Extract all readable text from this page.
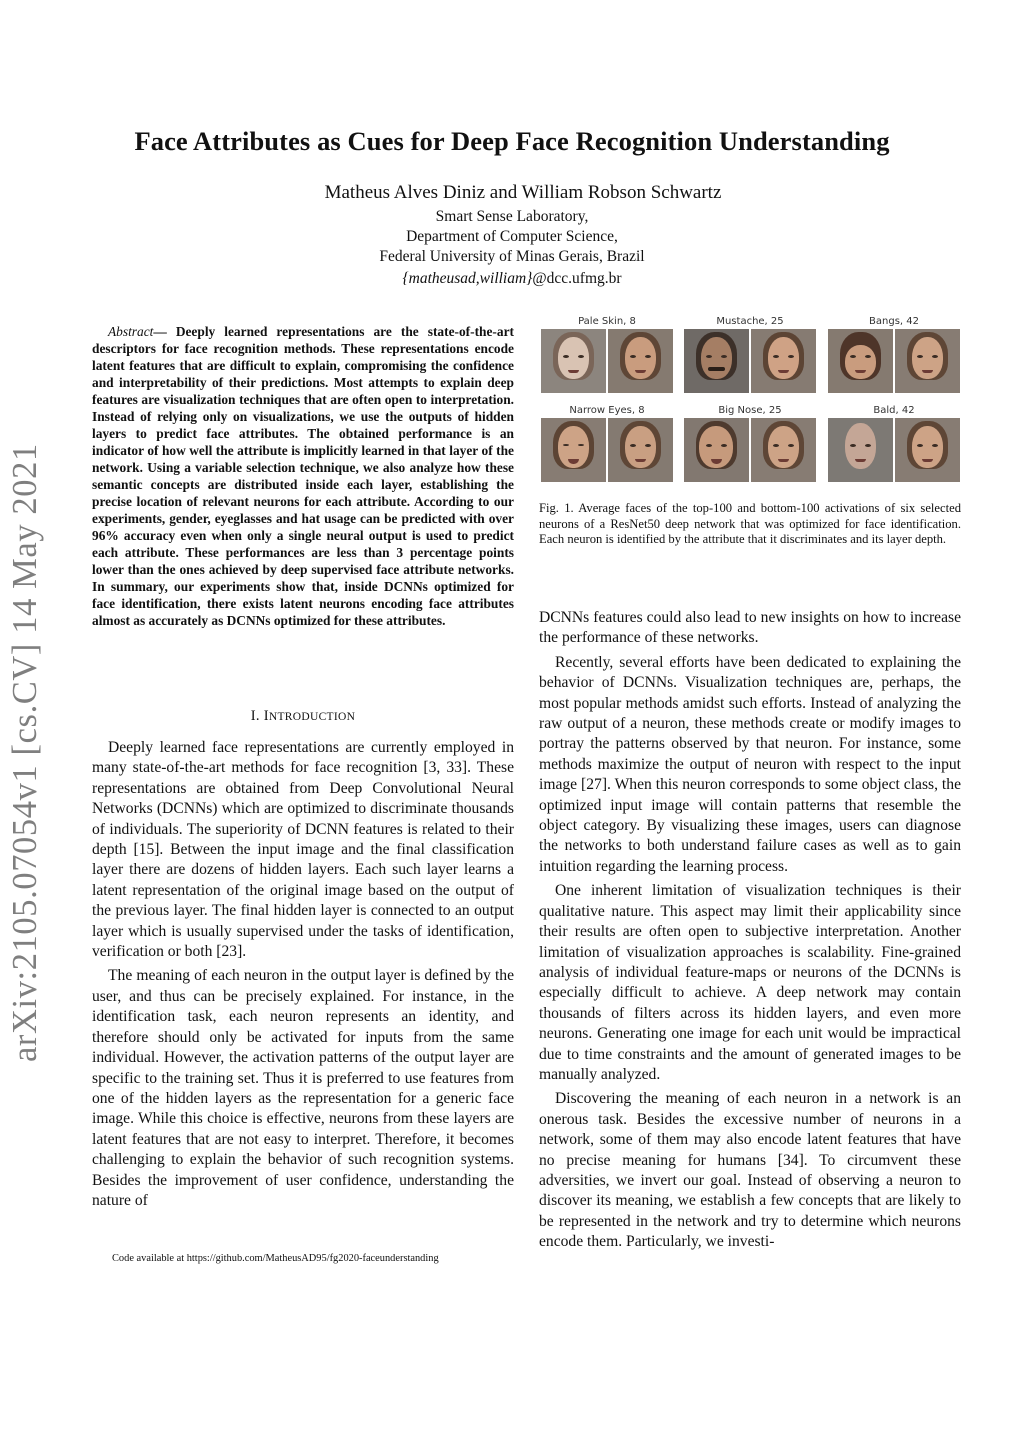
arXiv:2105.07054v1 [cs.CV] 14 May 2021
Face Attributes as Cues for Deep Face Recognition Understanding
Matheus Alves Diniz and William Robson Schwartz
Smart Sense Laboratory,
Department of Computer Science,
Federal University of Minas Gerais, Brazil
{matheusad,william}@dcc.ufmg.br

Abstract— Deeply learned representations are the state-of-the-art descriptors for face recognition methods. These representations encode latent features that are difficult to explain, compromising the confidence and interpretability of their predictions. Most attempts to explain deep features are visualization techniques that are often open to interpretation. Instead of relying only on visualizations, we use the outputs of hidden layers to predict face attributes. The obtained performance is an indicator of how well the attribute is implicitly learned in that layer of the network. Using a variable selection technique, we also analyze how these semantic concepts are distributed inside each layer, establishing the precise location of relevant neurons for each attribute. According to our experiments, gender, eyeglasses and hat usage can be predicted with over 96% accuracy even when only a single neural output is used to predict each attribute. These performances are less than 3 percentage points lower than the ones achieved by deep supervised face attribute networks. In summary, our experiments show that, inside DCNNs optimized for face identification, there exists latent neurons encoding face attributes almost as accurately as DCNNs optimized for these attributes.

I. INTRODUCTION

Deeply learned face representations are currently employed in many state-of-the-art methods for face recognition [3, 33]. These representations are obtained from Deep Convolutional Neural Networks (DCNNs) which are optimized to discriminate thousands of individuals. The superiority of DCNN features is related to their depth [15]. Between the input image and the final classification layer there are dozens of hidden layers. Each such layer learns a latent representation of the original image based on the output of the previous layer. The final hidden layer is connected to an output layer which is usually supervised under the tasks of identification, verification or both [23].

The meaning of each neuron in the output layer is defined by the user, and thus can be precisely explained. For instance, in the identification task, each neuron represents an identity, and therefore should only be activated for inputs from the same individual. However, the activation patterns of the output layer are specific to the training set. Thus it is preferred to use features from one of the hidden layers as the representation for a generic face image. While this choice is effective, neurons from these layers are latent features that are not easy to interpret. Therefore, it becomes challenging to explain the behavior of such recognition systems. Besides the improvement of user confidence, understanding the nature of

Code available at https://github.com/MatheusAD95/fg2020-faceunderstanding
Pale Skin, 8	Mustache, 25	Bangs, 42
Narrow Eyes, 8	Big Nose, 25	Bald, 42
Fig. 1. Average faces of the top-100 and bottom-100 activations of six selected neurons of a ResNet50 deep network that was optimized for face identification. Each neuron is identified by the attribute that it discriminates and its layer depth.

DCNNs features could also lead to new insights on how to increase the performance of these networks.

Recently, several efforts have been dedicated to explaining the behavior of DCNNs. Visualization techniques are, perhaps, the most popular methods amidst such efforts. Instead of analyzing the raw output of a neuron, these methods create or modify images to portray the patterns observed by that neuron. For instance, some methods maximize the output of neuron with respect to the input image [27]. When this neuron corresponds to some object class, the optimized input image will contain patterns that resemble the object category. By visualizing these images, users can diagnose the networks to both understand failure cases as well as to gain intuition regarding the learning process.

One inherent limitation of visualization techniques is their qualitative nature. This aspect may limit their applicability since their results are often open to subjective interpretation. Another limitation of visualization approaches is scalability. Fine-grained analysis of individual feature-maps or neurons of the DCNNs is especially difficult to achieve. A deep network may contain thousands of filters across its hidden layers, and even more neurons. Generating one image for each unit would be impractical due to time constraints and the amount of generated images to be manually analyzed.

Discovering the meaning of each neuron in a network is an onerous task. Besides the excessive number of neurons in a network, some of them may also encode latent features that have no precise meaning for humans [34]. To circumvent these adversities, we invert our goal. Instead of observing a neuron to discover its meaning, we establish a few concepts that are likely to be represented in the network and try to determine which neurons encode them. Particularly, we investi-
